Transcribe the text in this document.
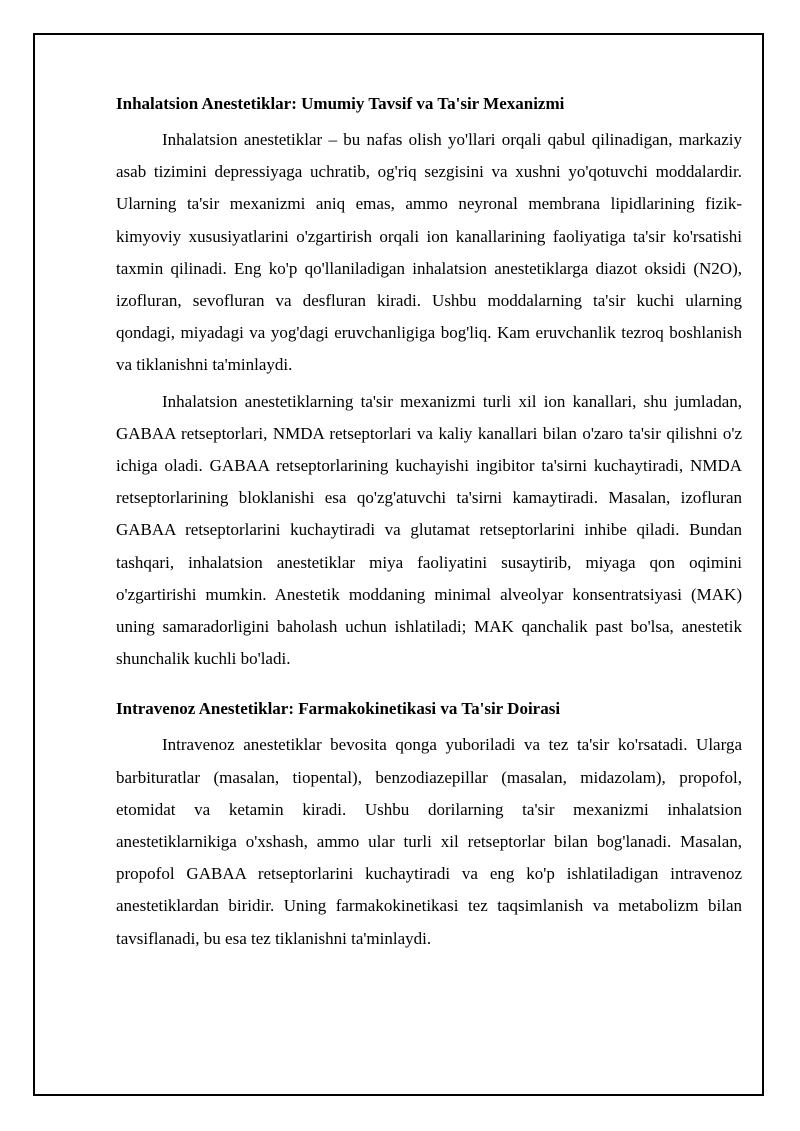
Inhalatsion Anestetiklar: Umumiy Tavsif va Ta'sir Mexanizmi

Inhalatsion anestetiklar – bu nafas olish yo'llari orqali qabul qilinadigan, markaziy asab tizimini depressiyaga uchratib, og'riq sezgisini va xushni yo'qotuvchi moddalardir. Ularning ta'sir mexanizmi aniq emas, ammo neyronal membrana lipidlarining fizik-kimyoviy xususiyatlarini o'zgartirish orqali ion kanallarining faoliyatiga ta'sir ko'rsatishi taxmin qilinadi. Eng ko'p qo'llaniladigan inhalatsion anestetiklarga diazot oksidi (N2O), izofluran, sevofluran va desfluran kiradi. Ushbu moddalarning ta'sir kuchi ularning qondagi, miyadagi va yog'dagi eruvchanligiga bog'liq. Kam eruvchanlik tezroq boshlanish va tiklanishni ta'minlaydi.

Inhalatsion anestetiklarning ta'sir mexanizmi turli xil ion kanallari, shu jumladan, GABAA retseptorlari, NMDA retseptorlari va kaliy kanallari bilan o'zaro ta'sir qilishni o'z ichiga oladi. GABAA retseptorlarining kuchayishi ingibitor ta'sirni kuchaytiradi, NMDA retseptorlarining bloklanishi esa qo'zg'atuvchi ta'sirni kamaytiradi. Masalan, izofluran GABAA retseptorlarini kuchaytiradi va glutamat retseptorlarini inhibe qiladi. Bundan tashqari, inhalatsion anestetiklar miya faoliyatini susaytirib, miyaga qon oqimini o'zgartirishi mumkin. Anestetik moddaning minimal alveolyar konsentratsiyasi (MAK) uning samaradorligini baholash uchun ishlatiladi; MAK qanchalik past bo'lsa, anestetik shunchalik kuchli bo'ladi.

Intravenoz Anestetiklar: Farmakokinetikasi va Ta'sir Doirasi

Intravenoz anestetiklar bevosita qonga yuboriladi va tez ta'sir ko'rsatadi. Ularga barbituratlar (masalan, tiopental), benzodiazepillar (masalan, midazolam), propofol, etomidat va ketamin kiradi. Ushbu dorilarning ta'sir mexanizmi inhalatsion anestetiklarnikiga o'xshash, ammo ular turli xil retseptorlar bilan bog'lanadi. Masalan, propofol GABAA retseptorlarini kuchaytiradi va eng ko'p ishlatiladigan intravenoz anestetiklardan biridir. Uning farmakokinetikasi tez taqsimlanish va metabolizm bilan tavsiflanadi, bu esa tez tiklanishni ta'minlaydi.
